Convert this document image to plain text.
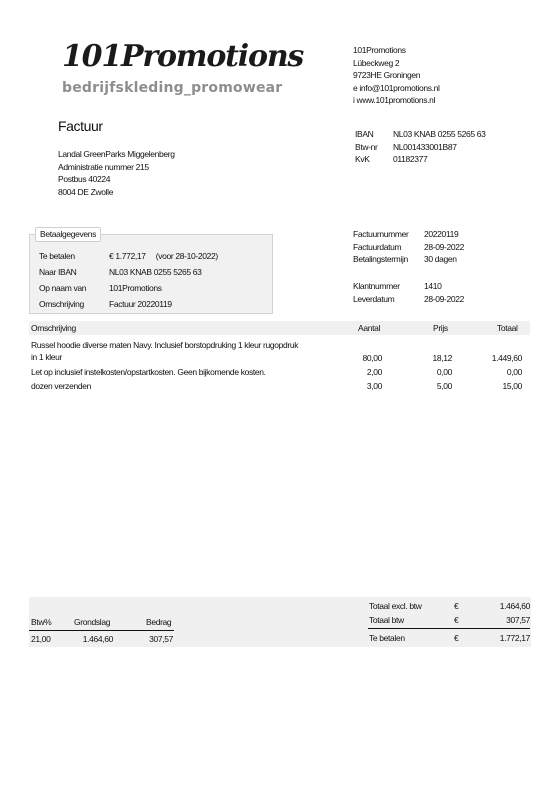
101Promotions
bedrijfskleding_promowear
101Promotions
Lübeckweg 2
9723HE Groningen
e info@101promotions.nl
i www.101promotions.nl
IBAN	NL03 KNAB 0255 5265 63
Btw-nr	NL001433001B87
KvK	01182377
Factuur
Landal GreenParks Miggelenberg
Administratie nummer 215
Postbus 40224
8004 DE Zwolle
Betaalgegevens
Te betalen	€ 1.772,17     (voor 28-10-2022)
Naar IBAN	NL03 KNAB 0255 5265 63
Op naam van	101Promotions
Omschrijving	Factuur 20220119
Factuurnummer	20220119
Factuurdatum	28-09-2022
Betalingstermijn	30 dagen
Klantnummer	1410
Leverdatum	28-09-2022
Omschrijving	Aantal	Prijs	Totaal
Russel hoodie diverse maten Navy. Inclusief borstopdruking 1 kleur rugopdruk
in 1 kleur	80,00	18,12	1.449,60
Let op inclusief instelkosten/opstartkosten. Geen bijkomende kosten.	2,00	0,00	0,00
dozen verzenden	3,00	5,00	15,00
Btw%	Grondslag	Bedrag
21,00	1.464,60	307,57
Totaal excl. btw	€	1.464,60
Totaal btw	€	307,57
Te betalen	€	1.772,17
